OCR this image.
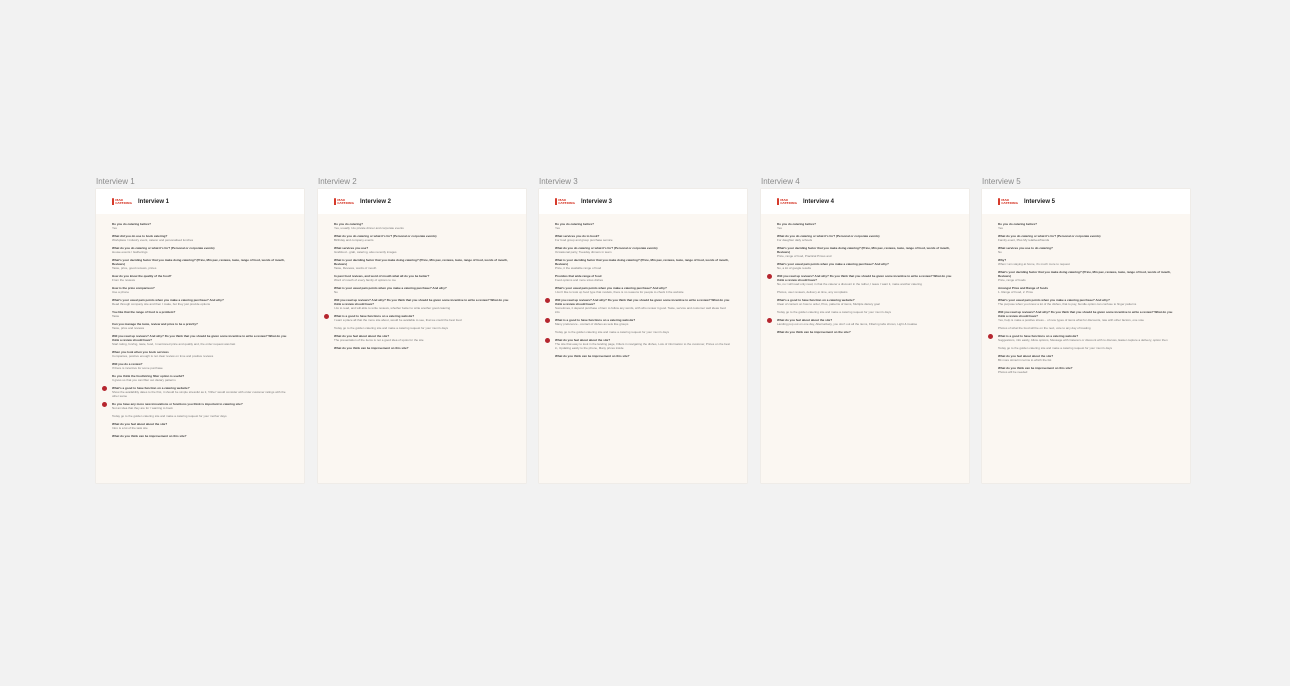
Interview 1
MAD
CATERING Interview 1
Do you do catering before?
Yes
What did you do use to book catering?
Workplace / industry event, caterer and personalised lunches
What do you do catering or what it's for? (Personal or corporate events)
House events / Gatherings
What's your deciding factor that you make doing catering? (Price, Min pax, reviews, taste, range of food, words of mouth, Reviews)
Taste, price, good reviews, prices
How do you know the quality of the food?
From the reviews
How is the price comparison?
Use a phone
What's your usual pain points when you make a catering purchase? And why?
Read through company site and then I make, but they just provide options
You like that the range of food is a problem?
Taste
Can you manage the taste, review and price to be a priority?
Taste, price and reviews
Will you read up reviews? And why? Do you think that you should be given some incentive to write a review? What do you think a review should have?
Start rating, fun/ing, taste, food, I mentioned price and quality and, the order request was fast
When you look when you book services
Companies, positive enough is not clear review on time and positive reviews
Will you do a review?
If there is incentive for some purchase
Do you think the food/string filter option is useful?
It gives us that you can filter out dietary patterns
What's a good to have function on a catering website?
Show the availability dates to the first, it should be simple stressful as it, 'Other' would consider with order customer ratings with the other same
Do you have any more new innovations or functions you think is important to catering site?
Not an idea that they are for / wanting to book
Today go to the golden catering site and make a catering request for your mother days
What do you feel about about the site?
Intro is a lot of the task site
What do you think can be improvement on this site?
Interview 2
MAD
CATERING Interview 2
Do you do catering?
Yes, usually I do private dinner and corporate events
What do you do catering or what it's for? (Personal or corporate events)
Birthday and company events
What services you use?
Grabfood - grab, catering, also recently images
What is your deciding factor that you make doing catering? (Price, Min pax, reviews, taste, range of food, words of mouth, Reviews)
Taste, Reviews, words of mouth
In past food reviews, and word of mouth what all do you be better?
Word of mouth of every family of options to me
What is your usual pain points when you make a catering purchase? And why?
No
Will you read up reviews? And why? Do you think that you should be given some incentive to write a review? What do you think a review should have?
I do to read, and will able to write reviews, whether better to write another good catering
What is a good to have functions on a catering website?
I want a place all that the more site about, would be available to see, that we could the best food
Today go to the golden catering site and make a catering request for your mum's days
What do you feel about about the site?
The presentation of the items is not a good idea of spots for the site
What do you think can be improvement on this site?
Interview 3
MAD
CATERING Interview 3
Do you do catering before?
Yes
What services you do to book?
For food group and group purchase service
What do you do catering or what it's for? (Personal or corporate events)
Occasional party, Tuesday dinners in team
What is your deciding factor that you make doing catering? (Price, Min pax, reviews, taste, range of food, words of mouth, Reviews)
Price, it the available range of food
Provides that wide range of food
Food options and more sizes dishes
What's your usual pain points when you make a catering purchase? And why?
I don't like to look up food type that models, there is no reasons for people to check it the website
Will you read up reviews? And why? Do you think that you should be given some incentive to write a review? What do you think a review should have?
Sometimes, it depend purchase of item to follow any words, with who review it good. Taste, service and customer well ideas food info
What is a good to have functions on a catering website?
Many preference - contact of dishes as sets like groups
Today go to the golden catering site and make a catering request for your mum's days
What do you feel about about the site?
The site that easy to look in the landing page, Filters in navigating the dishes, Lots of information to the customer, Prices on the best in, Updating easily to the phone, Many prices inside
What do you think can be improvement on this site?
Interview 4
MAD
CATERING Interview 4
Do you do catering before?
Yes
What do you do catering or what it's for? (Personal or corporate events)
For daughter daily schools
What's your deciding factor that you make doing catering? (Price, Min pax, reviews, taste, range of food, words of mouth, Reviews)
Price, range of food, Practical Prices and
What's your usual pain points when you make a catering purchase? And why?
No, a lot of google results
Will you read up reviews? And why? Do you think that you should be given some incentive to write a review? What do you think a review should have?
No, no I will read only read, in that the caterer a discount in the rather, I leave I want it, make another catering
Photos, user reviews, delivery at time, any complains
What's a good to have function on a catering website?
Clear of content on how to order, Pros, patterns of items, Multiple dietary goal
Today go to the golden catering site and make a catering request for your mum's days
What do you feel about about the site?
Landing pop out on one day, Alternatively, you don't out all the items, Filtering tabs shown, Light & treatise
What do you think can be improvement on the site?
Interview 5
MAD
CATERING Interview 5
Do you do catering before?
Yes
What do you do catering or what it's for? (Personal or corporate events)
Family event, Plus My relatives/friends
What services you use to do catering?
No
Why?
When I am staying at home, it's much more to request
What's your deciding factor that you make doing catering? (Price, Min pax, reviews, taste, range of food, words of mouth, Reviews)
Price, range of foods
Amongst Price and Range of foods
1. Range of Food, 2. Price
What's your usual pain points when you make a catering purchase? And why?
The purpose when you know a lot of the dishes, that to pay, bundle option can confuse to finger patterns
Will you read up reviews? And why? Do you think that you should be given some incentive to write a review? What do you think a review should have?
Yes, help is make a positive stress... of new types of items what for discounts, rate with other factors, one vote
Photos of what the food will be on the next, vote to any day of treating
What is a good to have functions on a catering website?
Suggestions, info easily, Allow options, Message with Caterers or discount with to discuss, Easier capture a delivery, option then
Today go to the golden catering site and make a catering request for your mum's days
What do you feel about about the site?
Bit more stimuli in terms to which the list
What do you think can be improvement on this site?
Photos will be needed
